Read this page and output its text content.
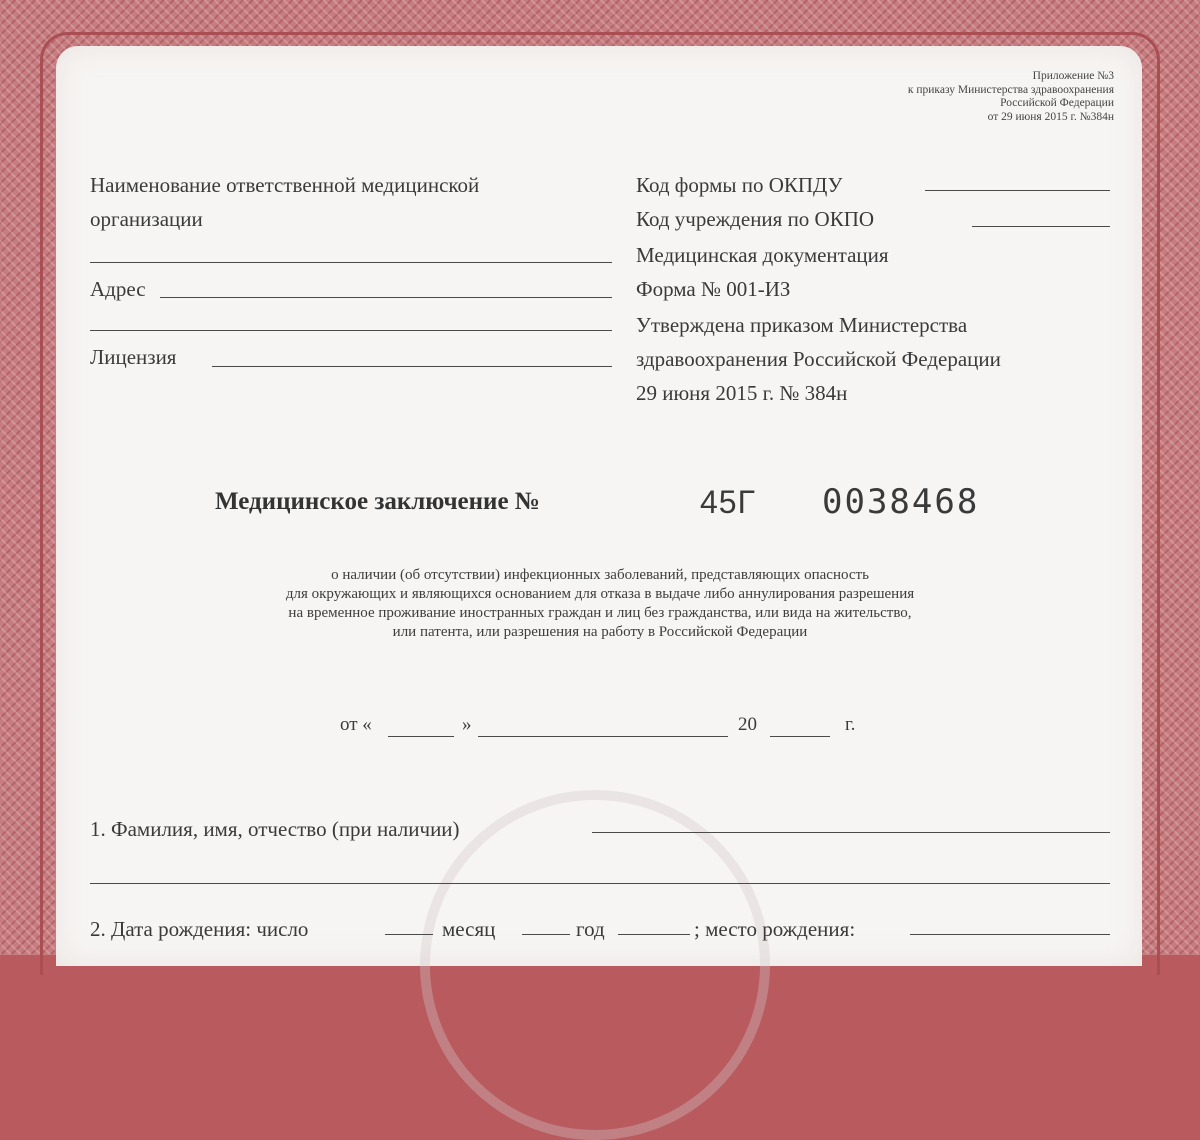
Приложение №3
к приказу Министерства здравоохранения
Российской Федерации
от 29 июня 2015 г. №384н
Наименование ответственной медицинской
организации
Адрес
Лицензия
Код формы по ОКПДУ
Код учреждения по ОКПО
Медицинская документация
Форма № 001-ИЗ
Утверждена приказом Министерства
здравоохранения Российской Федерации
29 июня 2015 г. № 384н
Медицинское заключение №	45Г 0038468
о наличии (об отсутствии) инфекционных заболеваний, представляющих опасность
для окружающих и являющихся основанием для отказа в выдаче либо аннулирования разрешения
на временное проживание иностранных граждан и лиц без гражданства, или вида на жительство,
или патента, или разрешения на работу в Российской Федерации
от «	»	20	г.
1. Фамилия, имя, отчество (при наличии)
2. Дата рождения: число	месяц	год	; место рождения:
